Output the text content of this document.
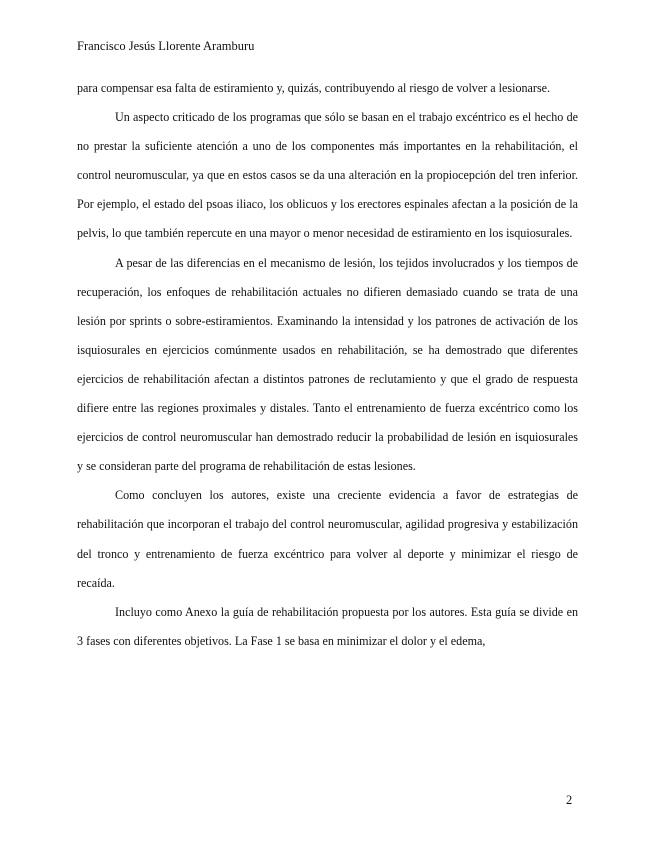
Francisco Jesús Llorente Aramburu

para compensar esa falta de estiramiento y, quizás, contribuyendo al riesgo de volver a lesionarse.

Un aspecto criticado de los programas que sólo se basan en el trabajo excéntrico es el hecho de no prestar la suficiente atención a uno de los componentes más importantes en la rehabilitación, el control neuromuscular, ya que en estos casos se da una alteración en la propiocepción del tren inferior. Por ejemplo, el estado del psoas iliaco, los oblicuos y los erectores espinales afectan a la posición de la pelvis, lo que también repercute en una mayor o menor necesidad de estiramiento en los isquiosurales.

A pesar de las diferencias en el mecanismo de lesión, los tejidos involucrados y los tiempos de recuperación, los enfoques de rehabilitación actuales no difieren demasiado cuando se trata de una lesión por sprints o sobre-estiramientos. Examinando la intensidad y los patrones de activación de los isquiosurales en ejercicios comúnmente usados en rehabilitación, se ha demostrado que diferentes ejercicios de rehabilitación afectan a distintos patrones de reclutamiento y que el grado de respuesta difiere entre las regiones proximales y distales. Tanto el entrenamiento de fuerza excéntrico como los ejercicios de control neuromuscular han demostrado reducir la probabilidad de lesión en isquiosurales y se consideran parte del programa de rehabilitación de estas lesiones.

Como concluyen los autores, existe una creciente evidencia a favor de estrategias de rehabilitación que incorporan el trabajo del control neuromuscular, agilidad progresiva y estabilización del tronco y entrenamiento de fuerza excéntrico para volver al deporte y minimizar el riesgo de recaída.

Incluyo como Anexo la guía de rehabilitación propuesta por los autores. Esta guía se divide en 3 fases con diferentes objetivos. La Fase 1 se basa en minimizar el dolor y el edema,

2
